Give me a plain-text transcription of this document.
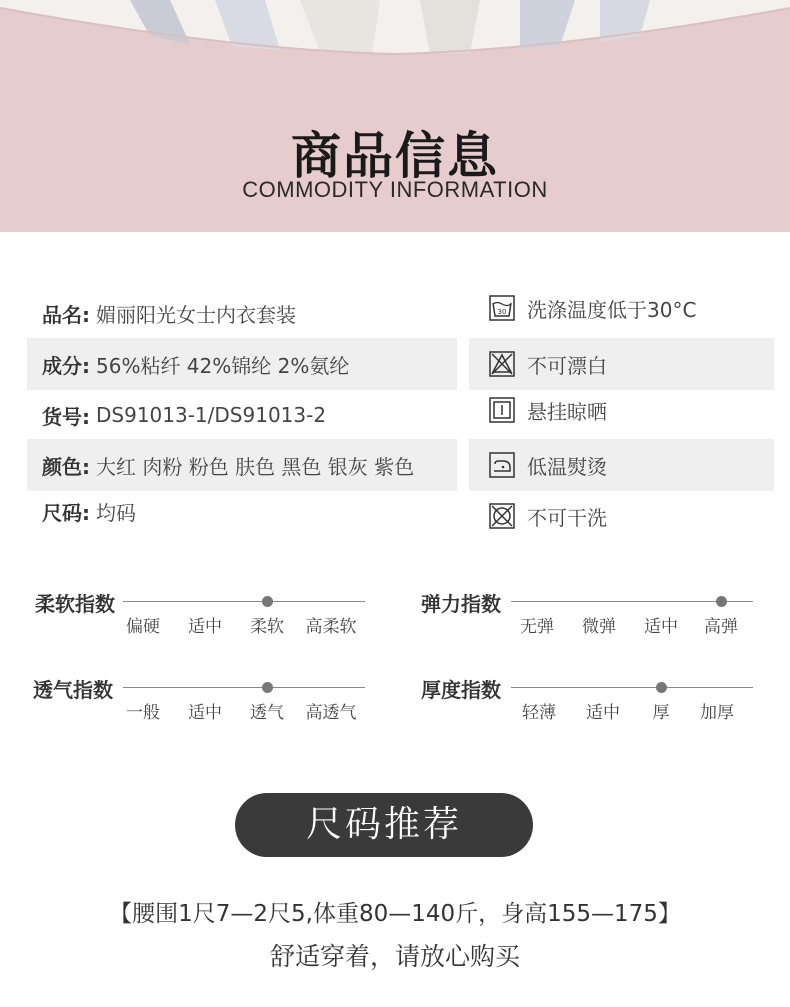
商品信息
COMMODITY INFORMATION
品名: 媚丽阳光女士内衣套装
成分: 56%粘纤 42%锦纶 2%氨纶
货号: DS91013-1/DS91013-2
颜色: 大红 肉粉 粉色 肤色 黑色 银灰 紫色
尺码: 均码
30 洗涤温度低于30°C
不可漂白
悬挂晾晒
低温熨烫
不可干洗
柔软指数
偏硬 适中 柔软 高柔软
弹力指数
无弹 微弹 适中 高弹
透气指数
一般 适中 透气 高透气
厚度指数
轻薄 适中 厚 加厚
尺码推荐
【腰围1尺7—2尺5,体重80—140斤，身高155—175】
舒适穿着，请放心购买
